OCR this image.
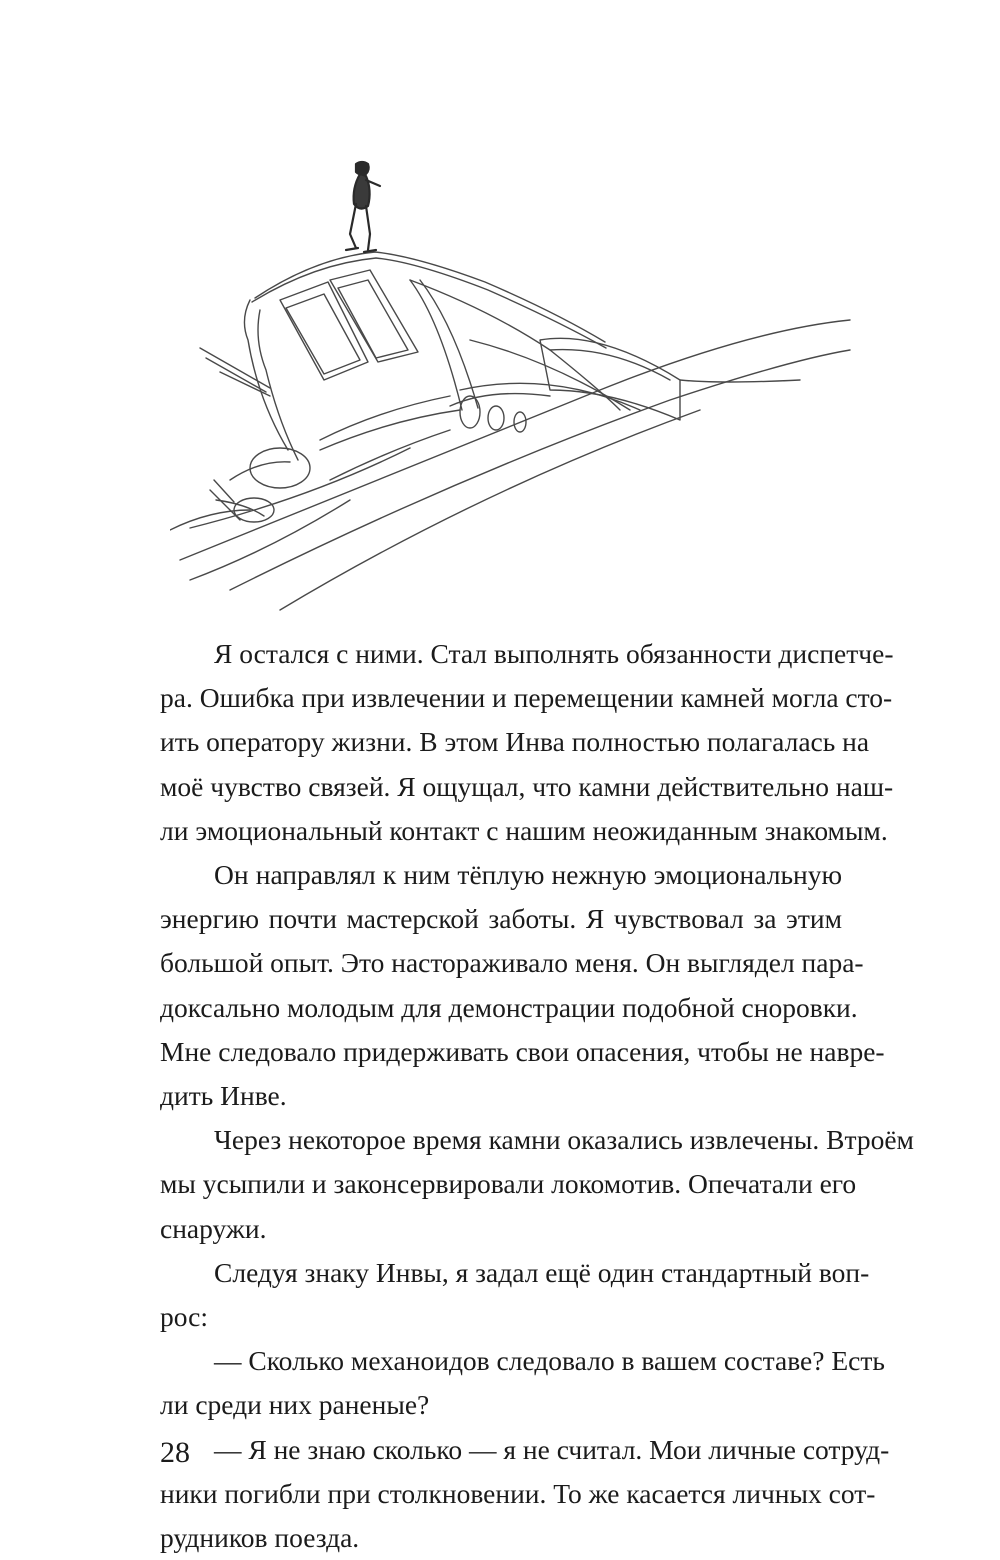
Я остался с ними. Стал выполнять обязанности диспетче-
ра. Ошибка при извлечении и перемещении камней могла сто-
ить оператору жизни. В этом Инва полностью полагалась на
моё чувство связей. Я ощущал, что камни действительно наш-
ли эмоциональный контакт с нашим неожиданным знакомым.

Он направлял к ним тёплую нежную эмоциональную
энергию почти мастерской заботы. Я чувствовал за этим
большой опыт. Это настораживало меня. Он выглядел пара-
доксально молодым для демонстрации подобной сноровки.
Мне следовало придерживать свои опасения, чтобы не навре-
дить Инве.

Через некоторое время камни оказались извлечены. Втроём
мы усыпили и законсервировали локомотив. Опечатали его
снаружи.

Следуя знаку Инвы, я задал ещё один стандартный воп-
рос:

— Сколько механоидов следовало в вашем составе? Есть
ли среди них раненые?

— Я не знаю сколько — я не считал. Мои личные сотруд-
ники погибли при столкновении. То же касается личных сот-
рудников поезда.

28
